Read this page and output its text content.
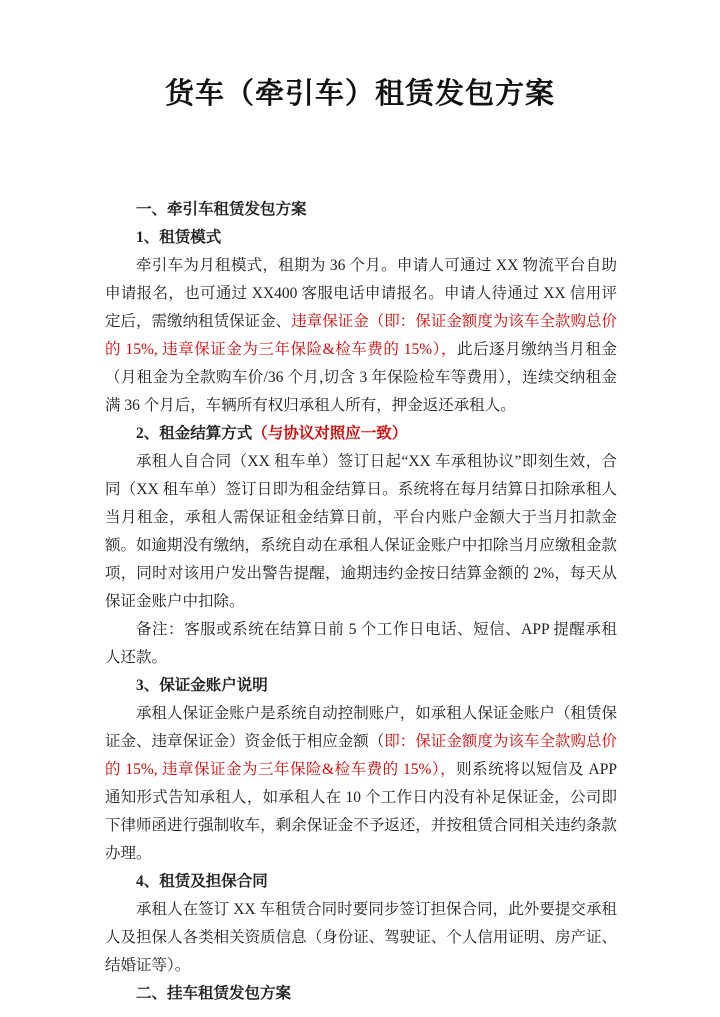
货车（牵引车）租赁发包方案
一、牵引车租赁发包方案
1、租赁模式

牵引车为月租模式，租期为 36 个月。申请人可通过 XX 物流平台自助申请报名，也可通过 XX400 客服电话申请报名。申请人待通过 XX 信用评定后，需缴纳租赁保证金、违章保证金（即：保证金额度为该车全款购总价的 15%, 违章保证金为三年保险&检车费的 15%），此后逐月缴纳当月租金（月租金为全款购车价/36 个月,切含 3 年保险检车等费用），连续交纳租金满 36 个月后，车辆所有权归承租人所有，押金返还承租人。

2、租金结算方式（与协议对照应一致）

承租人自合同（XX 租车单）签订日起“XX 车承租协议”即刻生效，合同（XX 租车单）签订日即为租金结算日。系统将在每月结算日扣除承租人当月租金，承租人需保证租金结算日前，平台内账户金额大于当月扣款金额。如逾期没有缴纳，系统自动在承租人保证金账户中扣除当月应缴租金款项，同时对该用户发出警告提醒，逾期违约金按日结算金额的 2%，每天从保证金账户中扣除。

备注：客服或系统在结算日前 5 个工作日电话、短信、APP 提醒承租人还款。

3、保证金账户说明

承租人保证金账户是系统自动控制账户，如承租人保证金账户（租赁保证金、违章保证金）资金低于相应金额（即：保证金额度为该车全款购总价的 15%, 违章保证金为三年保险&检车费的 15%），则系统将以短信及 APP 通知形式告知承租人，如承租人在 10 个工作日内没有补足保证金，公司即下律师函进行强制收车，剩余保证金不予返还，并按租赁合同相关违约条款办理。

4、租赁及担保合同

承租人在签订 XX 车租赁合同时要同步签订担保合同，此外要提交承租人及担保人各类相关资质信息（身份证、驾驶证、个人信用证明、房产证、结婚证等）。

二、挂车租赁发包方案
